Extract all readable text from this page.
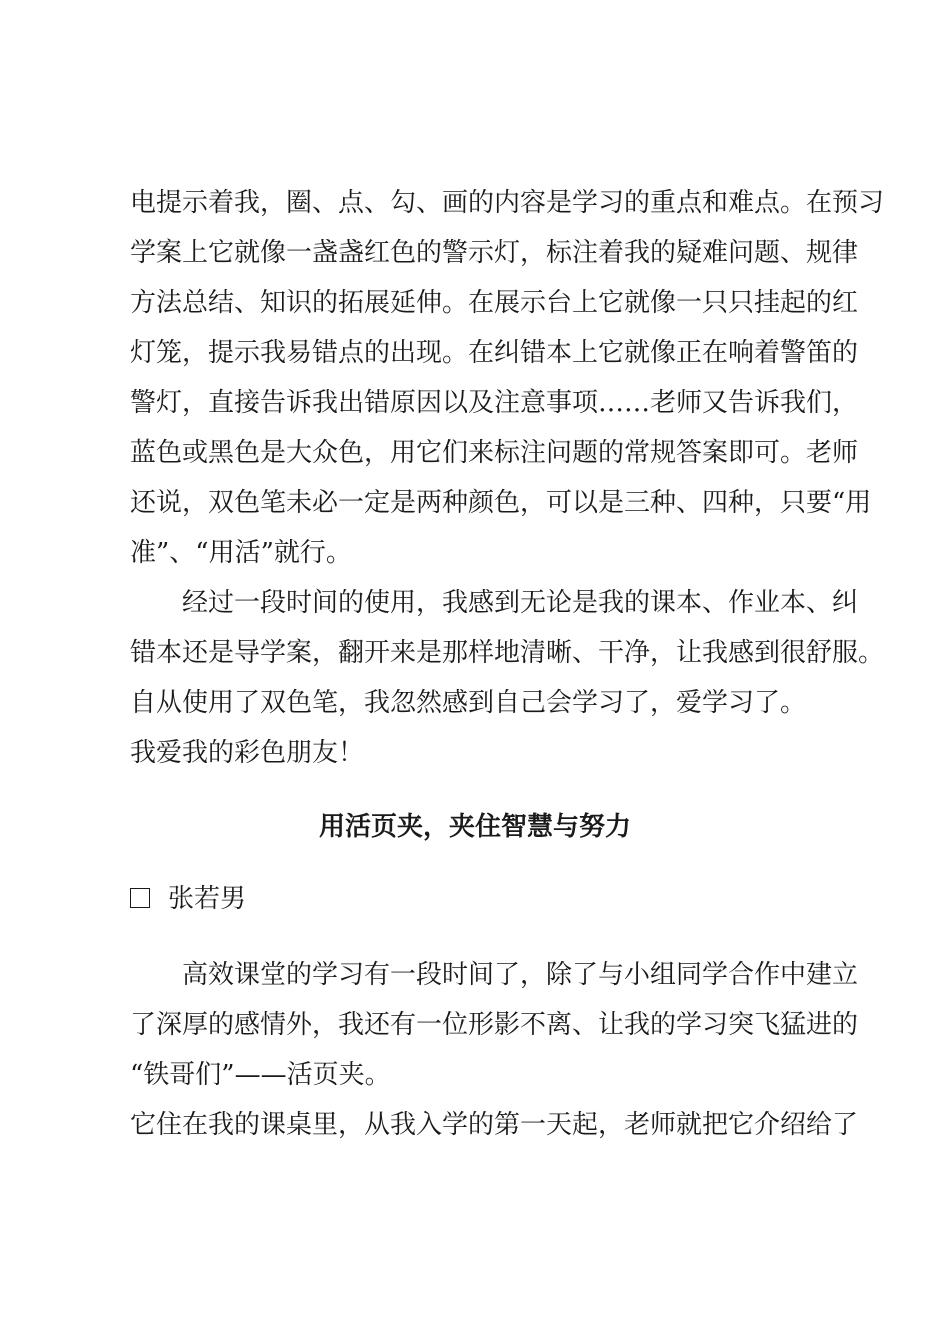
电提示着我，圈、点、勾、画的内容是学习的重点和难点。在预习
学案上它就像一盏盏红色的警示灯，标注着我的疑难问题、规律
方法总结、知识的拓展延伸。在展示台上它就像一只只挂起的红
灯笼，提示我易错点的出现。在纠错本上它就像正在响着警笛的
警灯，直接告诉我出错原因以及注意事项……老师又告诉我们，
蓝色或黑色是大众色，用它们来标注问题的常规答案即可。老师
还说，双色笔未必一定是两种颜色，可以是三种、四种，只要“用
准”、“用活”就行。
经过一段时间的使用，我感到无论是我的课本、作业本、纠
错本还是导学案，翻开来是那样地清晰、干净，让我感到很舒服。
自从使用了双色笔，我忽然感到自己会学习了，爱学习了。
我爱我的彩色朋友！
用活页夹，夹住智慧与努力
张若男
高效课堂的学习有一段时间了，除了与小组同学合作中建立
了深厚的感情外，我还有一位形影不离、让我的学习突飞猛进的
“铁哥们”——活页夹。
它住在我的课桌里，从我入学的第一天起，老师就把它介绍给了
